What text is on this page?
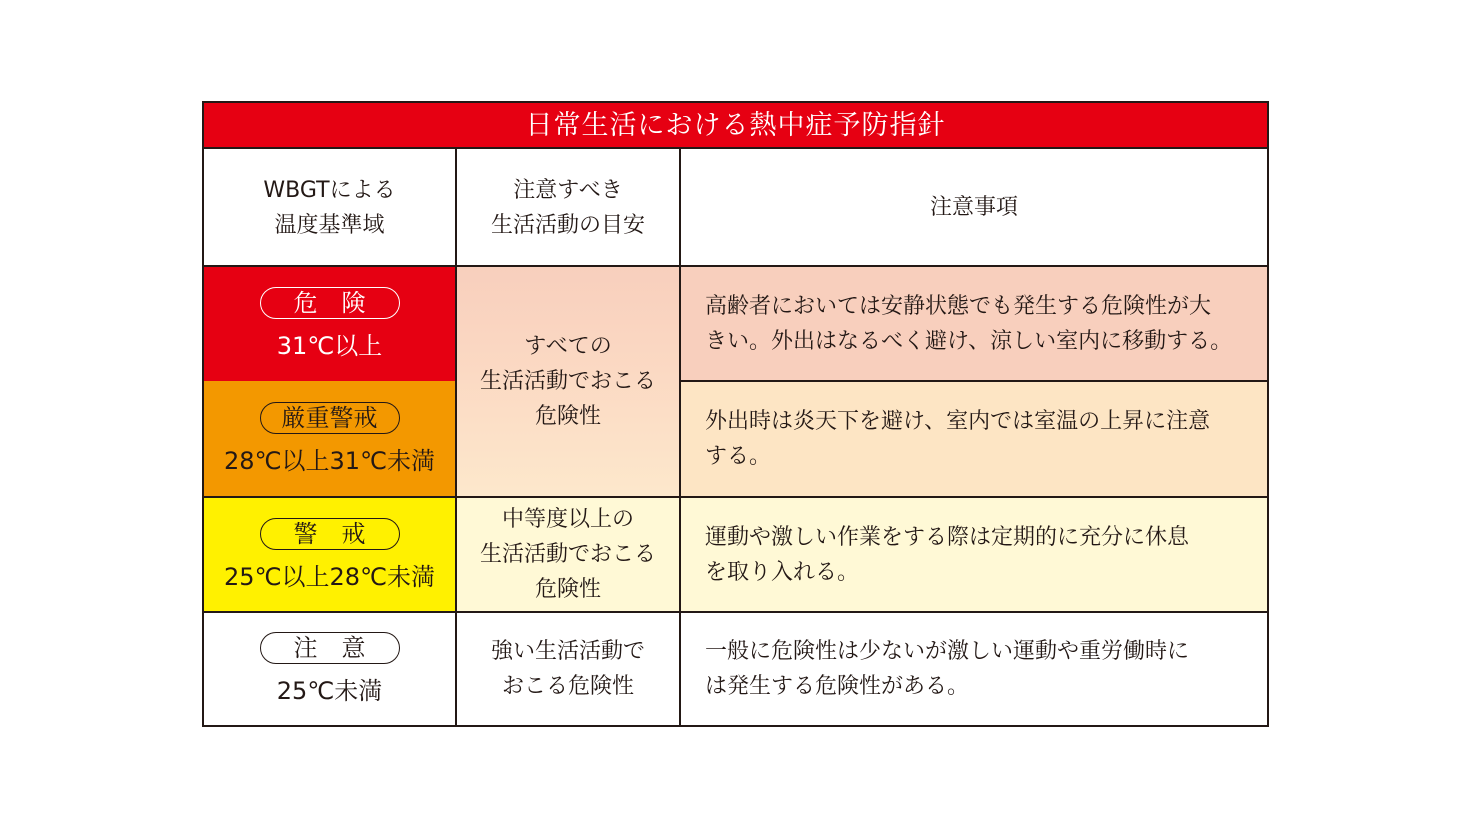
日常生活における熱中症予防指針
WBGTによる
温度基準域
注意すべき
生活活動の目安
注意事項
危　険
31℃以上
高齢者においては安静状態でも発生する危険性が大
きい。外出はなるべく避け、涼しい室内に移動する。
厳重警戒
28℃以上31℃未満
外出時は炎天下を避け、室内では室温の上昇に注意
する。
すべての
生活活動でおこる
危険性
警　戒
25℃以上28℃未満
中等度以上の
生活活動でおこる
危険性
運動や激しい作業をする際は定期的に充分に休息
を取り入れる。
注　意
25℃未満
強い生活活動で
おこる危険性
一般に危険性は少ないが激しい運動や重労働時に
は発生する危険性がある。
